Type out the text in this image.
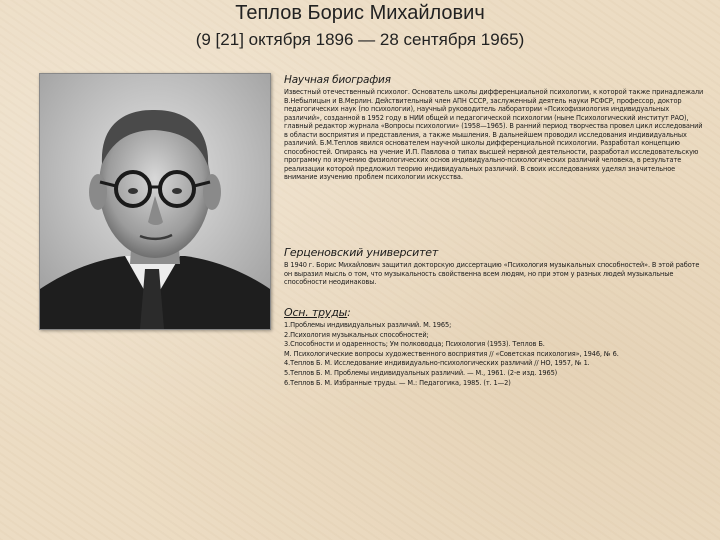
Теплов Борис Михайлович
(9 [21] октября 1896 — 28 сентября 1965)

Научная биография

Известный отечественный психолог. Основатель школы дифференциальной психологии, к которой также принадлежали В.Небылицын и В.Мерлин. Действительный член АПН СССР, заслуженный деятель науки РСФСР, профессор, доктор педагогических наук (по психологии), научный руководитель лаборатории «Психофизиология индивидуальных различий», созданной в 1952 году в НИИ общей и педагогической психологии (ныне Психологический институт РАО), главный редактор журнала «Вопросы психологии» (1958—1965). В ранний период творчества провел цикл исследований в области восприятия и представления, а также мышления. В дальнейшем проводил исследования индивидуальных различий. Б.М.Теплов явился основателем научной школы дифференциальной психологии. Разработал концепцию способностей. Опираясь на учение И.П. Павлова о типах высшей нервной деятельности, разработал исследовательскую программу по изучению физиологических основ индивидуально-психологических различий человека, в результате реализации которой предложил теорию индивидуальных различий. В своих исследованиях уделял значительное внимание изучению проблем психологии искусства.

Герценовский университет

В 1940 г. Борис Михайлович защитил докторскую диссертацию «Психология музыкальных способностей». В этой работе он выразил мысль о том, что музыкальность свойственна всем людям, но при этом у разных людей музыкальные способности неодинаковы.

Осн. труды:

1.Проблемы индивидуальных различий. М. 1965;
2.Психология музыкальных способностей;
3.Способности и одаренность; Ум полководца; Психология (1953). Теплов Б.
М. Психологические вопросы художественного восприятия // «Советская психология», 1946, № 6.
4.Теплов Б. М. Исследование индивидуально-психологических различий // НО, 1957, № 1.
5.Теплов Б. М. Проблемы индивидуальных различий. — М., 1961. (2-е изд. 1965)
6.Теплов Б. М. Избранные труды. — М.: Педагогика, 1985. (т. 1—2)
